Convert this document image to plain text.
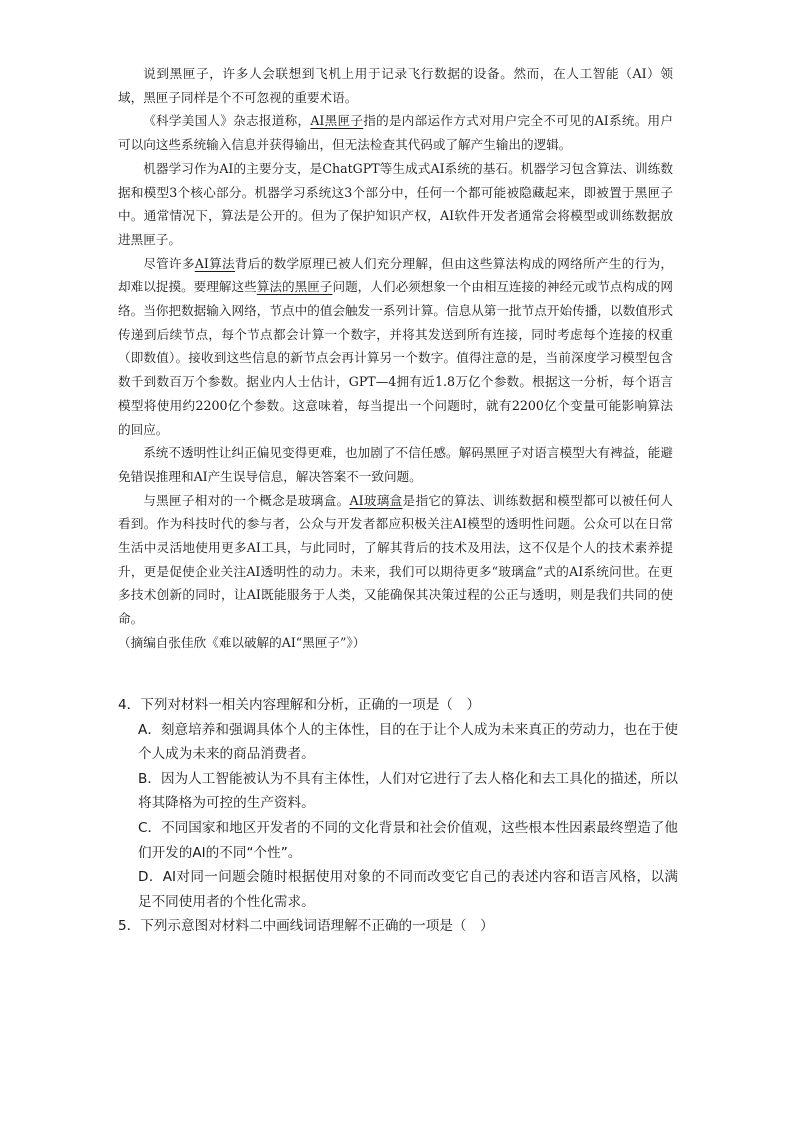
说到黑匣子，许多人会联想到飞机上用于记录飞行数据的设备。然而，在人工智能（AI）领域，黑匣子同样是个不可忽视的重要术语。

《科学美国人》杂志报道称，AI黑匣子指的是内部运作方式对用户完全不可见的AI系统。用户可以向这些系统输入信息并获得输出，但无法检查其代码或了解产生输出的逻辑。

机器学习作为AI的主要分支，是ChatGPT等生成式AI系统的基石。机器学习包含算法、训练数据和模型3个核心部分。机器学习系统这3个部分中，任何一个都可能被隐藏起来，即被置于黑匣子中。通常情况下，算法是公开的。但为了保护知识产权，AI软件开发者通常会将模型或训练数据放进黑匣子。

尽管许多AI算法背后的数学原理已被人们充分理解，但由这些算法构成的网络所产生的行为，却难以捉摸。要理解这些算法的黑匣子问题，人们必须想象一个由相互连接的神经元或节点构成的网络。当你把数据输入网络，节点中的值会触发一系列计算。信息从第一批节点开始传播，以数值形式传递到后续节点，每个节点都会计算一个数字，并将其发送到所有连接，同时考虑每个连接的权重（即数值）。接收到这些信息的新节点会再计算另一个数字。值得注意的是，当前深度学习模型包含数千到数百万个参数。据业内人士估计，GPT—4拥有近1.8万亿个参数。根据这一分析，每个语言模型将使用约2200亿个参数。这意味着，每当提出一个问题时，就有2200亿个变量可能影响算法的回应。

系统不透明性让纠正偏见变得更难，也加剧了不信任感。解码黑匣子对语言模型大有裨益，能避免错误推理和AI产生误导信息，解决答案不一致问题。

与黑匣子相对的一个概念是玻璃盒。AI玻璃盒是指它的算法、训练数据和模型都可以被任何人看到。作为科技时代的参与者，公众与开发者都应积极关注AI模型的透明性问题。公众可以在日常生活中灵活地使用更多AI工具，与此同时，了解其背后的技术及用法，这不仅是个人的技术素养提升，更是促使企业关注AI透明性的动力。未来，我们可以期待更多“玻璃盒”式的AI系统问世。在更多技术创新的同时，让AI既能服务于人类，又能确保其决策过程的公正与透明，则是我们共同的使命。

（摘编自张佳欣《难以破解的AI“黑匣子”》）

4．下列对材料一相关内容理解和分析，正确的一项是（　）

A．刻意培养和强调具体个人的主体性，目的在于让个人成为未来真正的劳动力，也在于使个人成为未来的商品消费者。

B．因为人工智能被认为不具有主体性，人们对它进行了去人格化和去工具化的描述，所以将其降格为可控的生产资料。

C．不同国家和地区开发者的不同的文化背景和社会价值观，这些根本性因素最终塑造了他们开发的AI的不同“个性”。

D．AI对同一问题会随时根据使用对象的不同而改变它自己的表述内容和语言风格，以满足不同使用者的个性化需求。

5．下列示意图对材料二中画线词语理解不正确的一项是（　）
